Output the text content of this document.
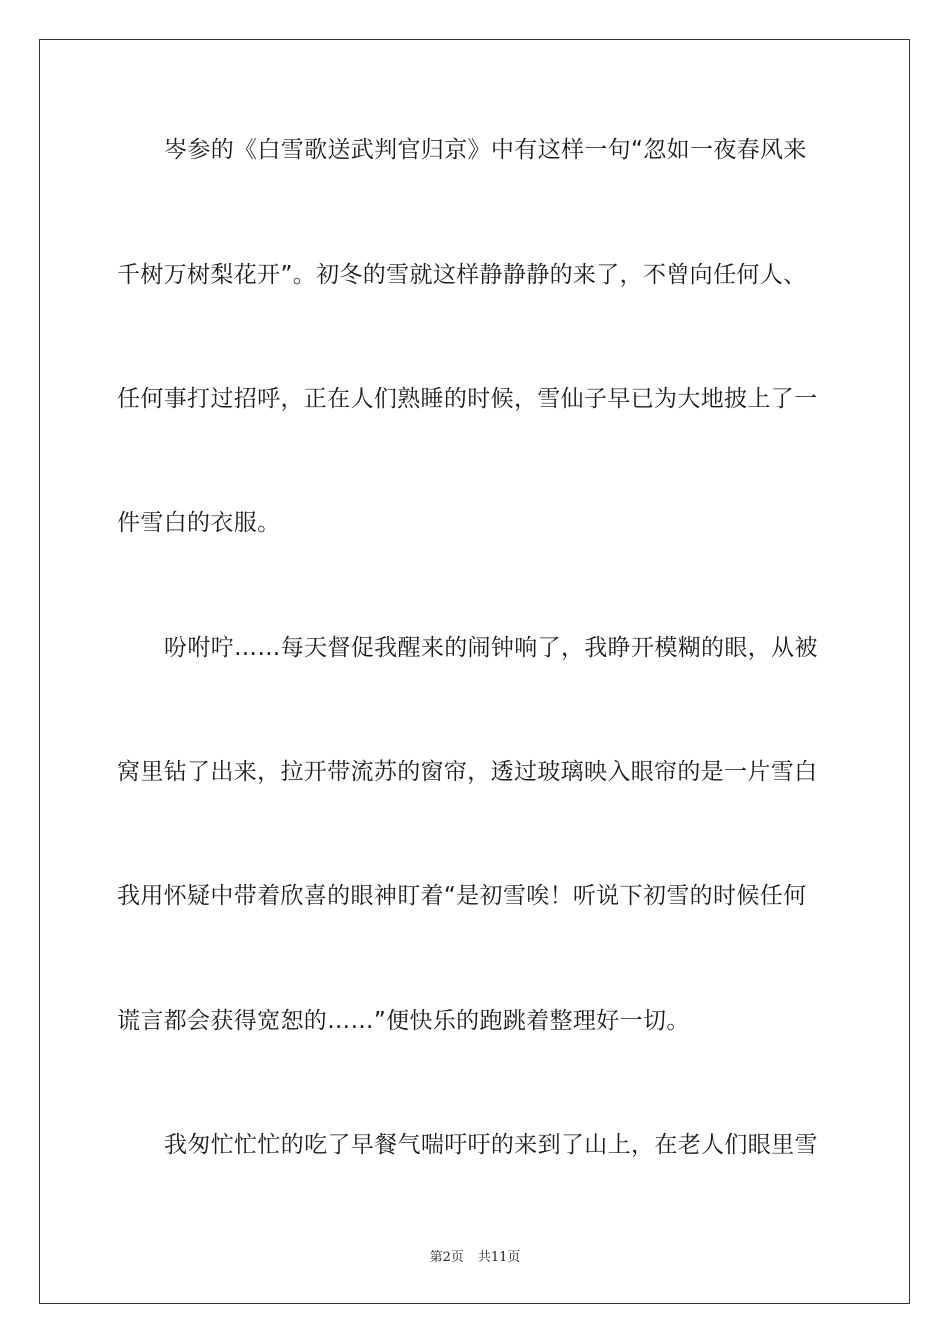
岑参的《白雪歌送武判官归京》中有这样一句“忽如一夜春风来
千树万树梨花开”。初冬的雪就这样静静静的来了，不曾向任何人、
任何事打过招呼，正在人们熟睡的时候，雪仙子早已为大地披上了一
件雪白的衣服。
吩咐咛……每天督促我醒来的闹钟响了，我睁开模糊的眼，从被
窝里钻了出来，拉开带流苏的窗帘，透过玻璃映入眼帘的是一片雪白
我用怀疑中带着欣喜的眼神盯着“是初雪唉！听说下初雪的时候任何
谎言都会获得宽恕的……”便快乐的跑跳着整理好一切。
我匆忙忙忙的吃了早餐气喘吁吁的来到了山上，在老人们眼里雪
第2页 共11页
